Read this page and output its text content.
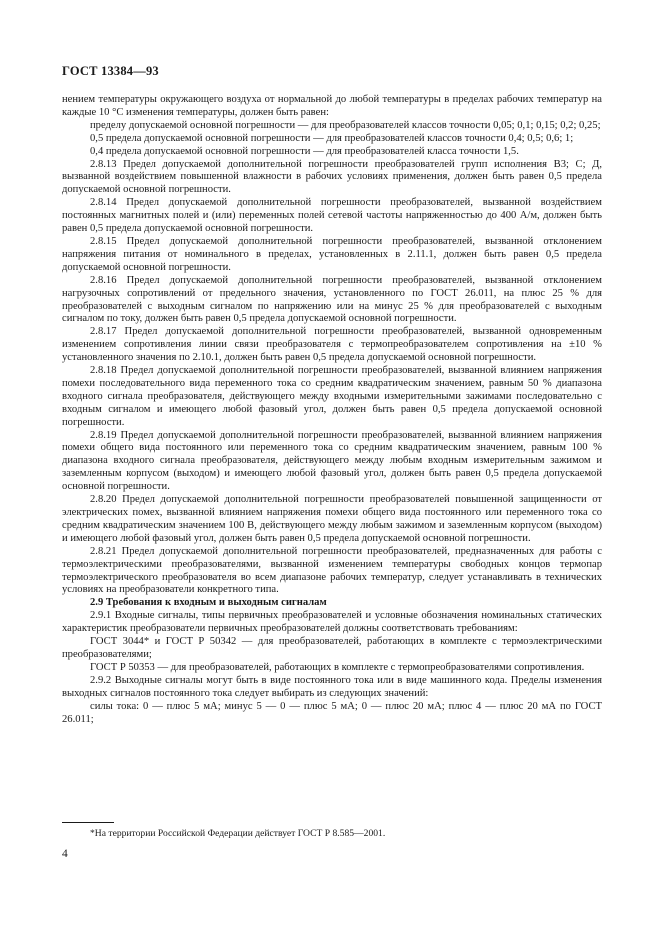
ГОСТ 13384—93

нением температуры окружающего воздуха от нормальной до любой температуры в пределах рабочих температур на каждые 10 °С изменения температуры, должен быть равен:

пределу допускаемой основной погрешности — для преобразователей классов точности 0,05; 0,1; 0,15; 0,2; 0,25;

0,5 предела допускаемой основной погрешности — для преобразователей классов точности 0,4; 0,5; 0,6; 1;

0,4 предела допускаемой основной погрешности — для преобразователей класса точности 1,5.

2.8.13 Предел допускаемой дополнительной погрешности преобразователей групп исполнения В3; С; Д, вызванной воздействием повышенной влажности в рабочих условиях применения, должен быть равен 0,5 предела допускаемой основной погрешности.

2.8.14 Предел допускаемой дополнительной погрешности преобразователей, вызванной воздействием постоянных магнитных полей и (или) переменных полей сетевой частоты напряженностью до 400 А/м, должен быть равен 0,5 предела допускаемой основной погрешности.

2.8.15 Предел допускаемой дополнительной погрешности преобразователей, вызванной отклонением напряжения питания от номинального в пределах, установленных в 2.11.1, должен быть равен 0,5 предела допускаемой основной погрешности.

2.8.16 Предел допускаемой дополнительной погрешности преобразователей, вызванной отклонением нагрузочных сопротивлений от предельного значения, установленного по ГОСТ 26.011, на плюс 25 % для преобразователей с выходным сигналом по напряжению или на минус 25 % для преобразователей с выходным сигналом по току, должен быть равен 0,5 предела допускаемой основной погрешности.

2.8.17 Предел допускаемой дополнительной погрешности преобразователей, вызванной одновременным изменением сопротивления линии связи преобразователя с термопреобразователем сопротивления на ±10 % установленного значения по 2.10.1, должен быть равен 0,5 предела допускаемой основной погрешности.

2.8.18 Предел допускаемой дополнительной погрешности преобразователей, вызванной влиянием напряжения помехи последовательного вида переменного тока со средним квадратическим значением, равным 50 % диапазона входного сигнала преобразователя, действующего между входными измерительными зажимами последовательно с входным сигналом и имеющего любой фазовый угол, должен быть равен 0,5 предела допускаемой основной погрешности.

2.8.19 Предел допускаемой дополнительной погрешности преобразователей, вызванной влиянием напряжения помехи общего вида постоянного или переменного тока со средним квадратическим значением, равным 100 % диапазона входного сигнала преобразователя, действующего между любым входным измерительным зажимом и заземленным корпусом (выходом) и имеющего любой фазовый угол, должен быть равен 0,5 предела допускаемой основной погрешности.

2.8.20 Предел допускаемой дополнительной погрешности преобразователей повышенной защищенности от электрических помех, вызванной влиянием напряжения помехи общего вида постоянного или переменного тока со средним квадратическим значением 100 В, действующего между любым зажимом и заземленным корпусом (выходом) и имеющего любой фазовый угол, должен быть равен 0,5 предела допускаемой основной погрешности.

2.8.21 Предел допускаемой дополнительной погрешности преобразователей, предназначенных для работы с термоэлектрическими преобразователями, вызванной изменением температуры свободных концов термопар термоэлектрического преобразователя во всем диапазоне рабочих температур, следует устанавливать в технических условиях на преобразователи конкретного типа.

2.9 Требования к входным и выходным сигналам

2.9.1 Входные сигналы, типы первичных преобразователей и условные обозначения номинальных статических характеристик преобразователи первичных преобразователей должны соответствовать требованиям:

ГОСТ 3044* и ГОСТ Р 50342 — для преобразователей, работающих в комплекте с термоэлектрическими преобразователями;

ГОСТ Р 50353 — для преобразователей, работающих в комплекте с термопреобразователями сопротивления.

2.9.2 Выходные сигналы могут быть в виде постоянного тока или в виде машинного кода. Пределы изменения выходных сигналов постоянного тока следует выбирать из следующих значений:

силы тока: 0 — плюс 5 мА; минус 5 — 0 — плюс 5 мА; 0 — плюс 20 мА; плюс 4 — плюс 20 мА по ГОСТ 26.011;

*На территории Российской Федерации действует ГОСТ Р 8.585—2001.
4
